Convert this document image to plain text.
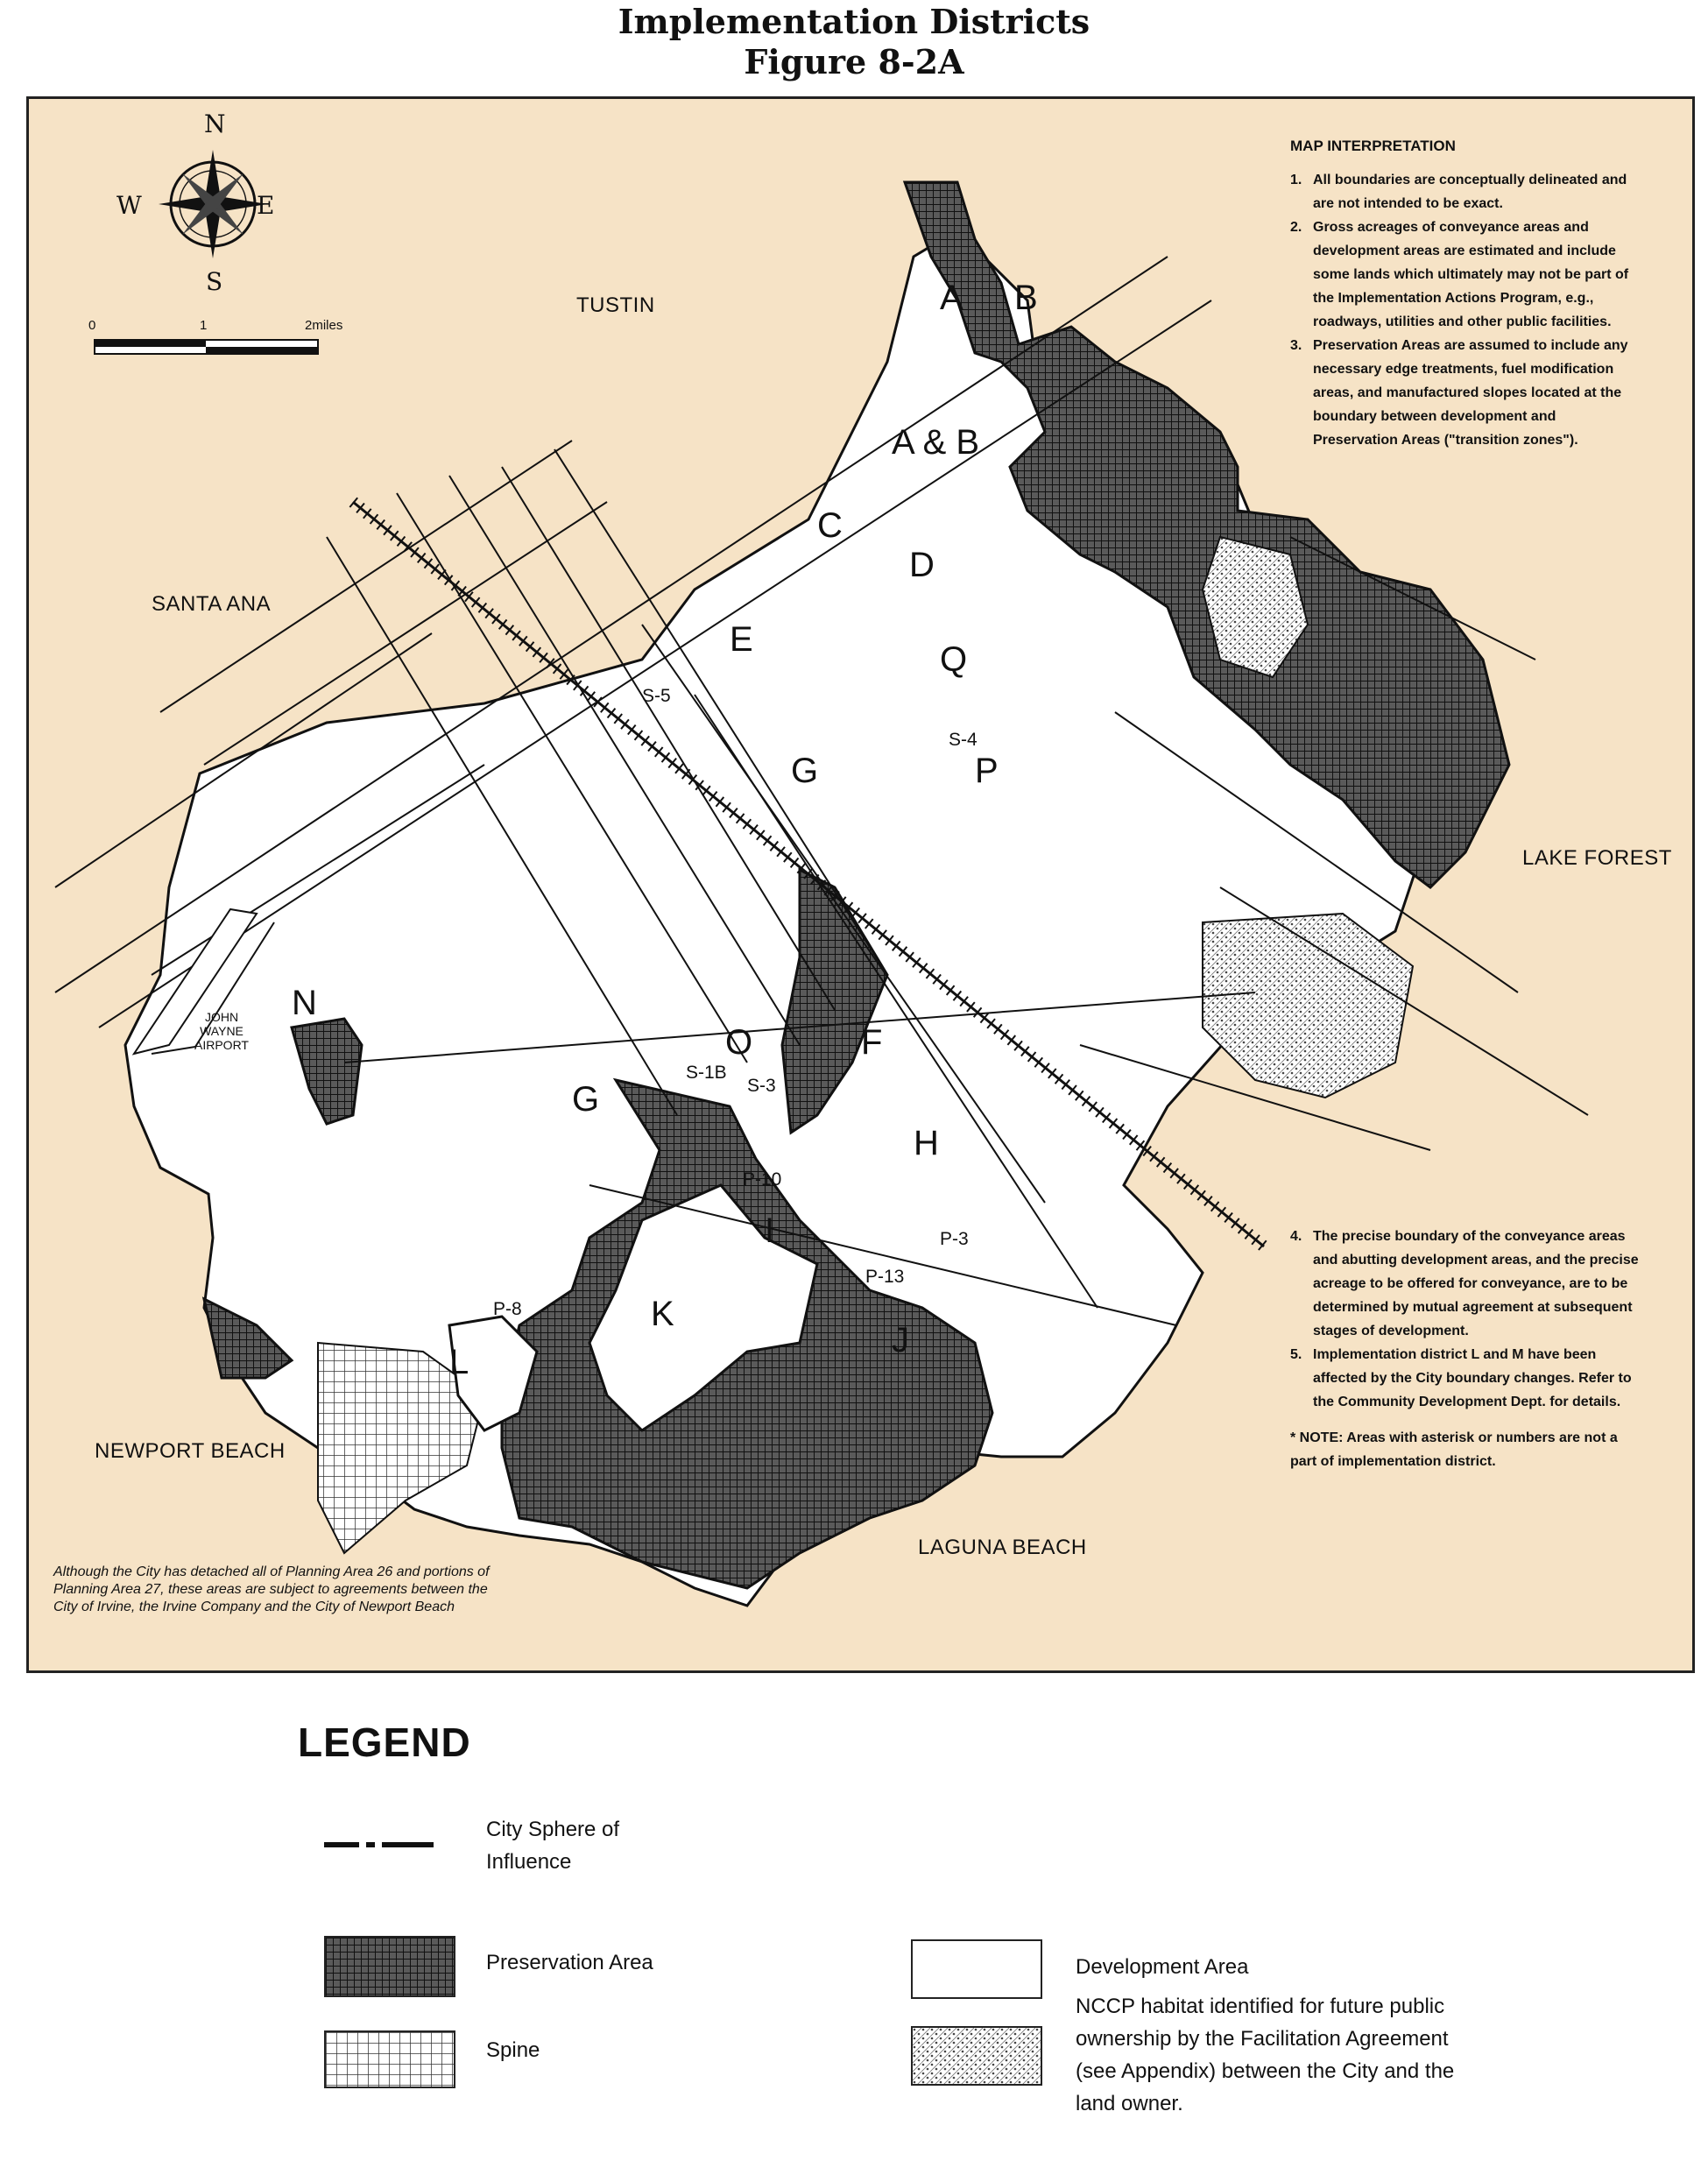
Implementation Districts
Figure 8-2A
N
S
E
W
0	1	2miles
TUSTIN
SANTA ANA
LAKE FOREST
NEWPORT BEACH
LAGUNA BEACH
JOHN WAYNE AIRPORT
A & B
A B
C
D
E
Q
G	P
N
O	F
H
I
K
L
J
G
S-5
S-4
S-1B
S-3
P-10
P-3
P-13
P-8
MAP INTERPRETATION
1. All boundaries are conceptually delineated and are not intended to be exact.
2. Gross acreages of conveyance areas and development areas are estimated and include some lands which ultimately may not be part of the Implementation Actions Program, e.g., roadways, utilities and other public facilities.
3. Preservation Areas are assumed to include any necessary edge treatments, fuel modification areas, and manufactured slopes located at the boundary between development and Preservation Areas ("transition zones").
4. The precise boundary of the conveyance areas and abutting development areas, and the precise acreage to be offered for conveyance, are to be determined by mutual agreement at subsequent stages of development.
5. Implementation district L and M have been affected by the City boundary changes. Refer to the Community Development Dept. for details.
* NOTE: Areas with asterisk or numbers are not a part of implementation district.
Although the City has detached all of Planning Area 26 and portions of Planning Area 27, these areas are subject to agreements between the City of Irvine, the Irvine Company and the City of Newport Beach
LEGEND
City Sphere of Influence
Preservation Area
Spine
Development Area
NCCP habitat identified for future public ownership by the Facilitation Agreement (see Appendix) between the City and the land owner.
